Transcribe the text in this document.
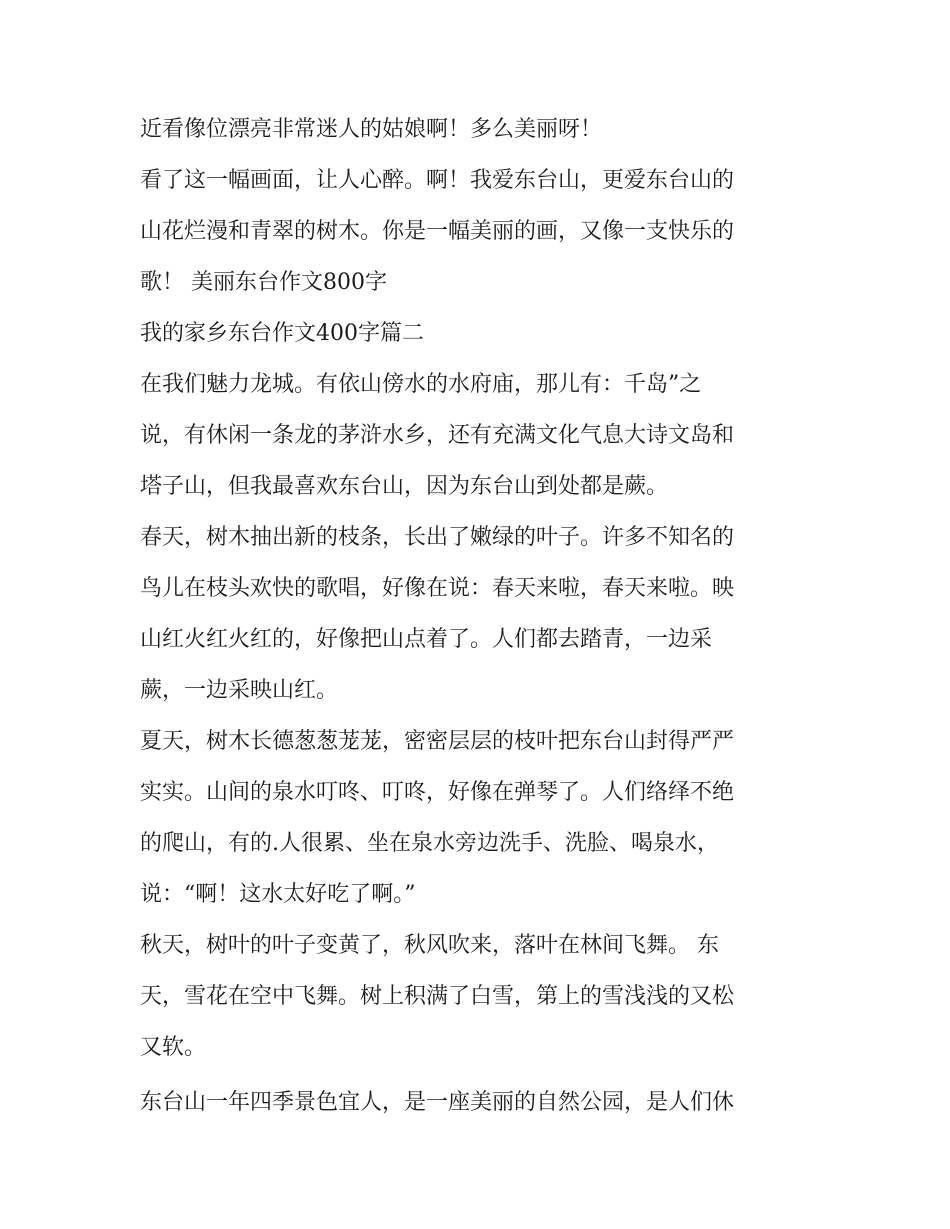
近看像位漂亮非常迷人的姑娘啊！多么美丽呀！
看了这一幅画面，让人心醉。啊！我爱东台山，更爱东台山的
山花烂漫和青翠的树木。你是一幅美丽的画，又像一支快乐的
歌！ 美丽东台作文800字
我的家乡东台作文400字篇二
在我们魅力龙城。有依山傍水的水府庙，那儿有：千岛”之
说，有休闲一条龙的茅浒水乡，还有充满文化气息大诗文岛和
塔子山，但我最喜欢东台山，因为东台山到处都是蕨。
春天，树木抽出新的枝条，长出了嫩绿的叶子。许多不知名的
鸟儿在枝头欢快的歌唱，好像在说：春天来啦，春天来啦。映
山红火红火红的，好像把山点着了。人们都去踏青，一边采
蕨，一边采映山红。
夏天，树木长德葱葱茏茏，密密层层的枝叶把东台山封得严严
实实。山间的泉水叮咚、叮咚，好像在弹琴了。人们络绎不绝
的爬山，有的.人很累、坐在泉水旁边洗手、洗脸、喝泉水，
说：“啊！这水太好吃了啊。”
秋天，树叶的叶子变黄了，秋风吹来，落叶在林间飞舞。 东
天，雪花在空中飞舞。树上积满了白雪，第上的雪浅浅的又松
又软。
东台山一年四季景色宜人，是一座美丽的自然公园，是人们休
